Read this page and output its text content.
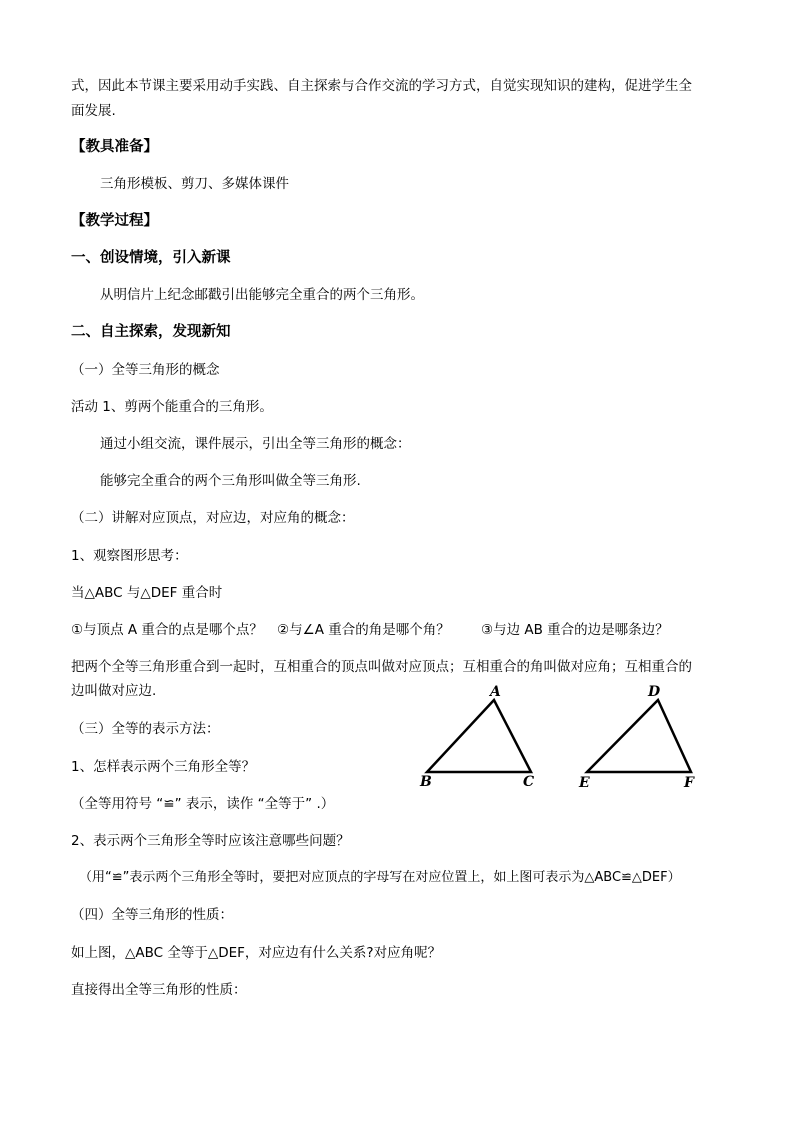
式，因此本节课主要采用动手实践、自主探索与合作交流的学习方式，自觉实现知识的建构，促进学生全
面发展.
【教具准备】
三角形模板、剪刀、多媒体课件
【教学过程】
一、创设情境，引入新课
从明信片上纪念邮戳引出能够完全重合的两个三角形。
二、自主探索，发现新知
（一）全等三角形的概念
活动 1、剪两个能重合的三角形。
通过小组交流，课件展示，引出全等三角形的概念：
能够完全重合的两个三角形叫做全等三角形.
（二）讲解对应顶点，对应边，对应角的概念：
1、观察图形思考：
当△ABC 与△DEF 重合时
①与顶点 A 重合的点是哪个点？ ②与∠A 重合的角是哪个角？ ③与边 AB 重合的边是哪条边？
把两个全等三角形重合到一起时，互相重合的顶点叫做对应顶点；互相重合的角叫做对应角；互相重合的
边叫做对应边.
（三）全等的表示方法：
1、怎样表示两个三角形全等？
（全等用符号 “≌” 表示，读作 “全等于” .）
2、表示两个三角形全等时应该注意哪些问题？
（用“≌”表示两个三角形全等时，要把对应顶点的字母写在对应位置上，如上图可表示为△ABC≌△DEF）
（四）全等三角形的性质：
如上图，△ABC 全等于△DEF，对应边有什么关系?对应角呢？
直接得出全等三角形的性质：
A
B	C
D
E	F
